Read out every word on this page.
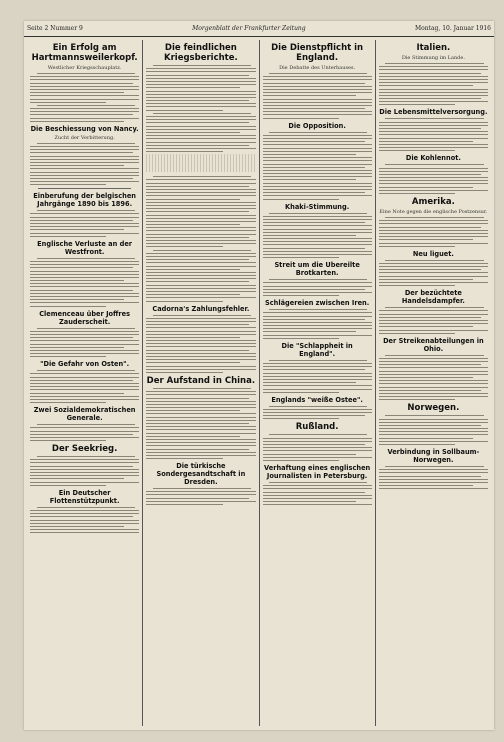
Seite 2 Nummer 9	Morgenblatt der Frankfurter Zeitung	Montag, 10. Januar 1916
Ein Erfolg am Hartmannsweilerkopf.
Westlicher Kriegsschauplatz.
Die Beschiessung von Nancy.
Zucht der Verbitterung.
Einberufung der belgischen Jahrgänge 1890 bis 1896.
Englische Verluste an der Westfront.
Clemenceau über Joffres Zauderscheit.
"Die Gefahr von Osten".
Zwei Sozialdemokratischen Generale.
Der Seekrieg.
Ein Deutscher Flottenstützpunkt.
Die feindlichen Kriegsberichte.
Cadorna's Zahlungsfehler.
Der Aufstand in China.
Die türkische Sondergesandtschaft in Dresden.
Die Dienstpflicht in England.
Die Debatte des Unterhauses.
Die Opposition.
Khaki-Stimmung.
Streit um die Ubereilte Brotkarten.
Schlägereien zwischen Iren.
Die "Schlappheit in England".
Englands "weiße Ostee".
Rußland.
Verhaftung eines englischen Journalisten in Petersburg.
Italien.
Die Stimmung im Lande.
Die Lebensmittelversorgung.
Die Kohlennot.
Amerika.
Eine Note gegen die englische Postzensur.
Neu liguet.
Der bezüchtete Handelsdampfer.
Der Streikenabteilungen in Ohio.
Norwegen.
Verbindung in Sollbaum-Norwegen.
